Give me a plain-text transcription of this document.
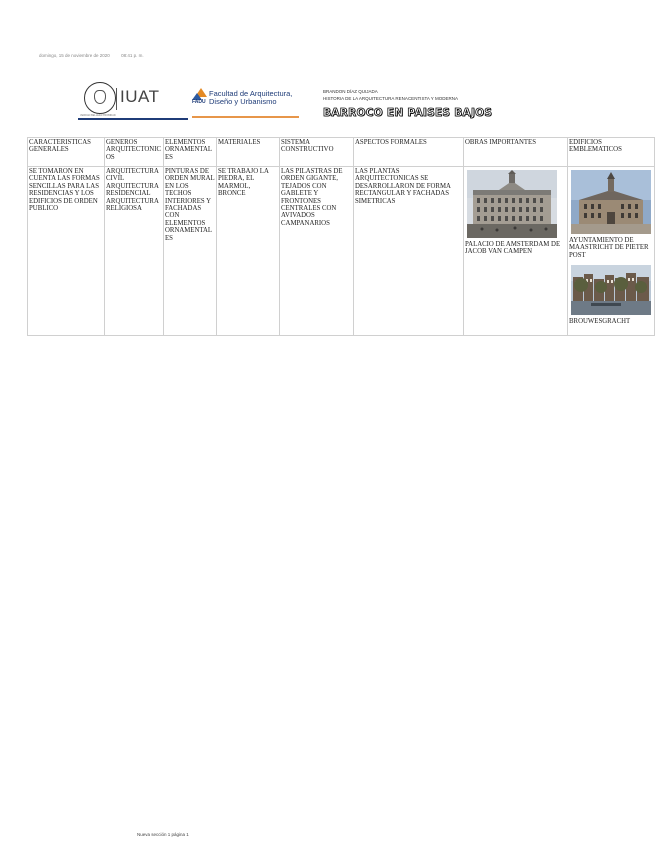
domingo, 15 de noviembre de 2020	08:41 p. m.
IUAT
VERDAD BELLEZA PROBIDAD
FADU
Facultad de Arquitectura,
Diseño y Urbanismo
BRANDON DÍAZ QUIJADA
HISTORIA DE LA ARQUITECTURA RENACENTISTA Y MODERNA
BARROCO EN PAISES BAJOS
CARACTERISTICAS GENERALES	GENEROS ARQUITECTONICOS	ELEMENTOS ORNAMENTALES	MATERIALES	SISTEMA CONSTRUCTIVO	ASPECTOS FORMALES	OBRAS IMPORTANTES	EDIFICIOS EMBLEMATICOS
SE TOMARON EN CUENTA LAS FORMAS SENCILLAS PARA LAS RESIDENCIAS Y LOS EDIFICIOS DE ORDEN PUBLICO	ARQUITECTURA CIVIL ARQUITECTURA RESIDENCIAL ARQUITECTURA RELIGIOSA	PINTURAS DE ORDEN MURAL EN LOS TECHOS INTERIORES Y FACHADAS CON ELEMENTOS ORNAMENTALES	SE TRABAJO LA PIEDRA, EL MARMOL, BRONCE	LAS PILASTRAS DE ORDEN GIGANTE, TEJADOS CON GABLETE Y FRONTONES CENTRALES CON AVIVADOS CAMPANARIOS	LAS PLANTAS ARQUITECTONICAS SE DESARROLLARON DE FORMA RECTANGULAR Y FACHADAS SIMETRICAS	PALACIO DE AMSTERDAM DE JACOB VAN CAMPEN	AYUNTAMIENTO DE MAASTRICHT DE PIETER POST
BROUWESGRACHT
Nueva sección 1 página 1
